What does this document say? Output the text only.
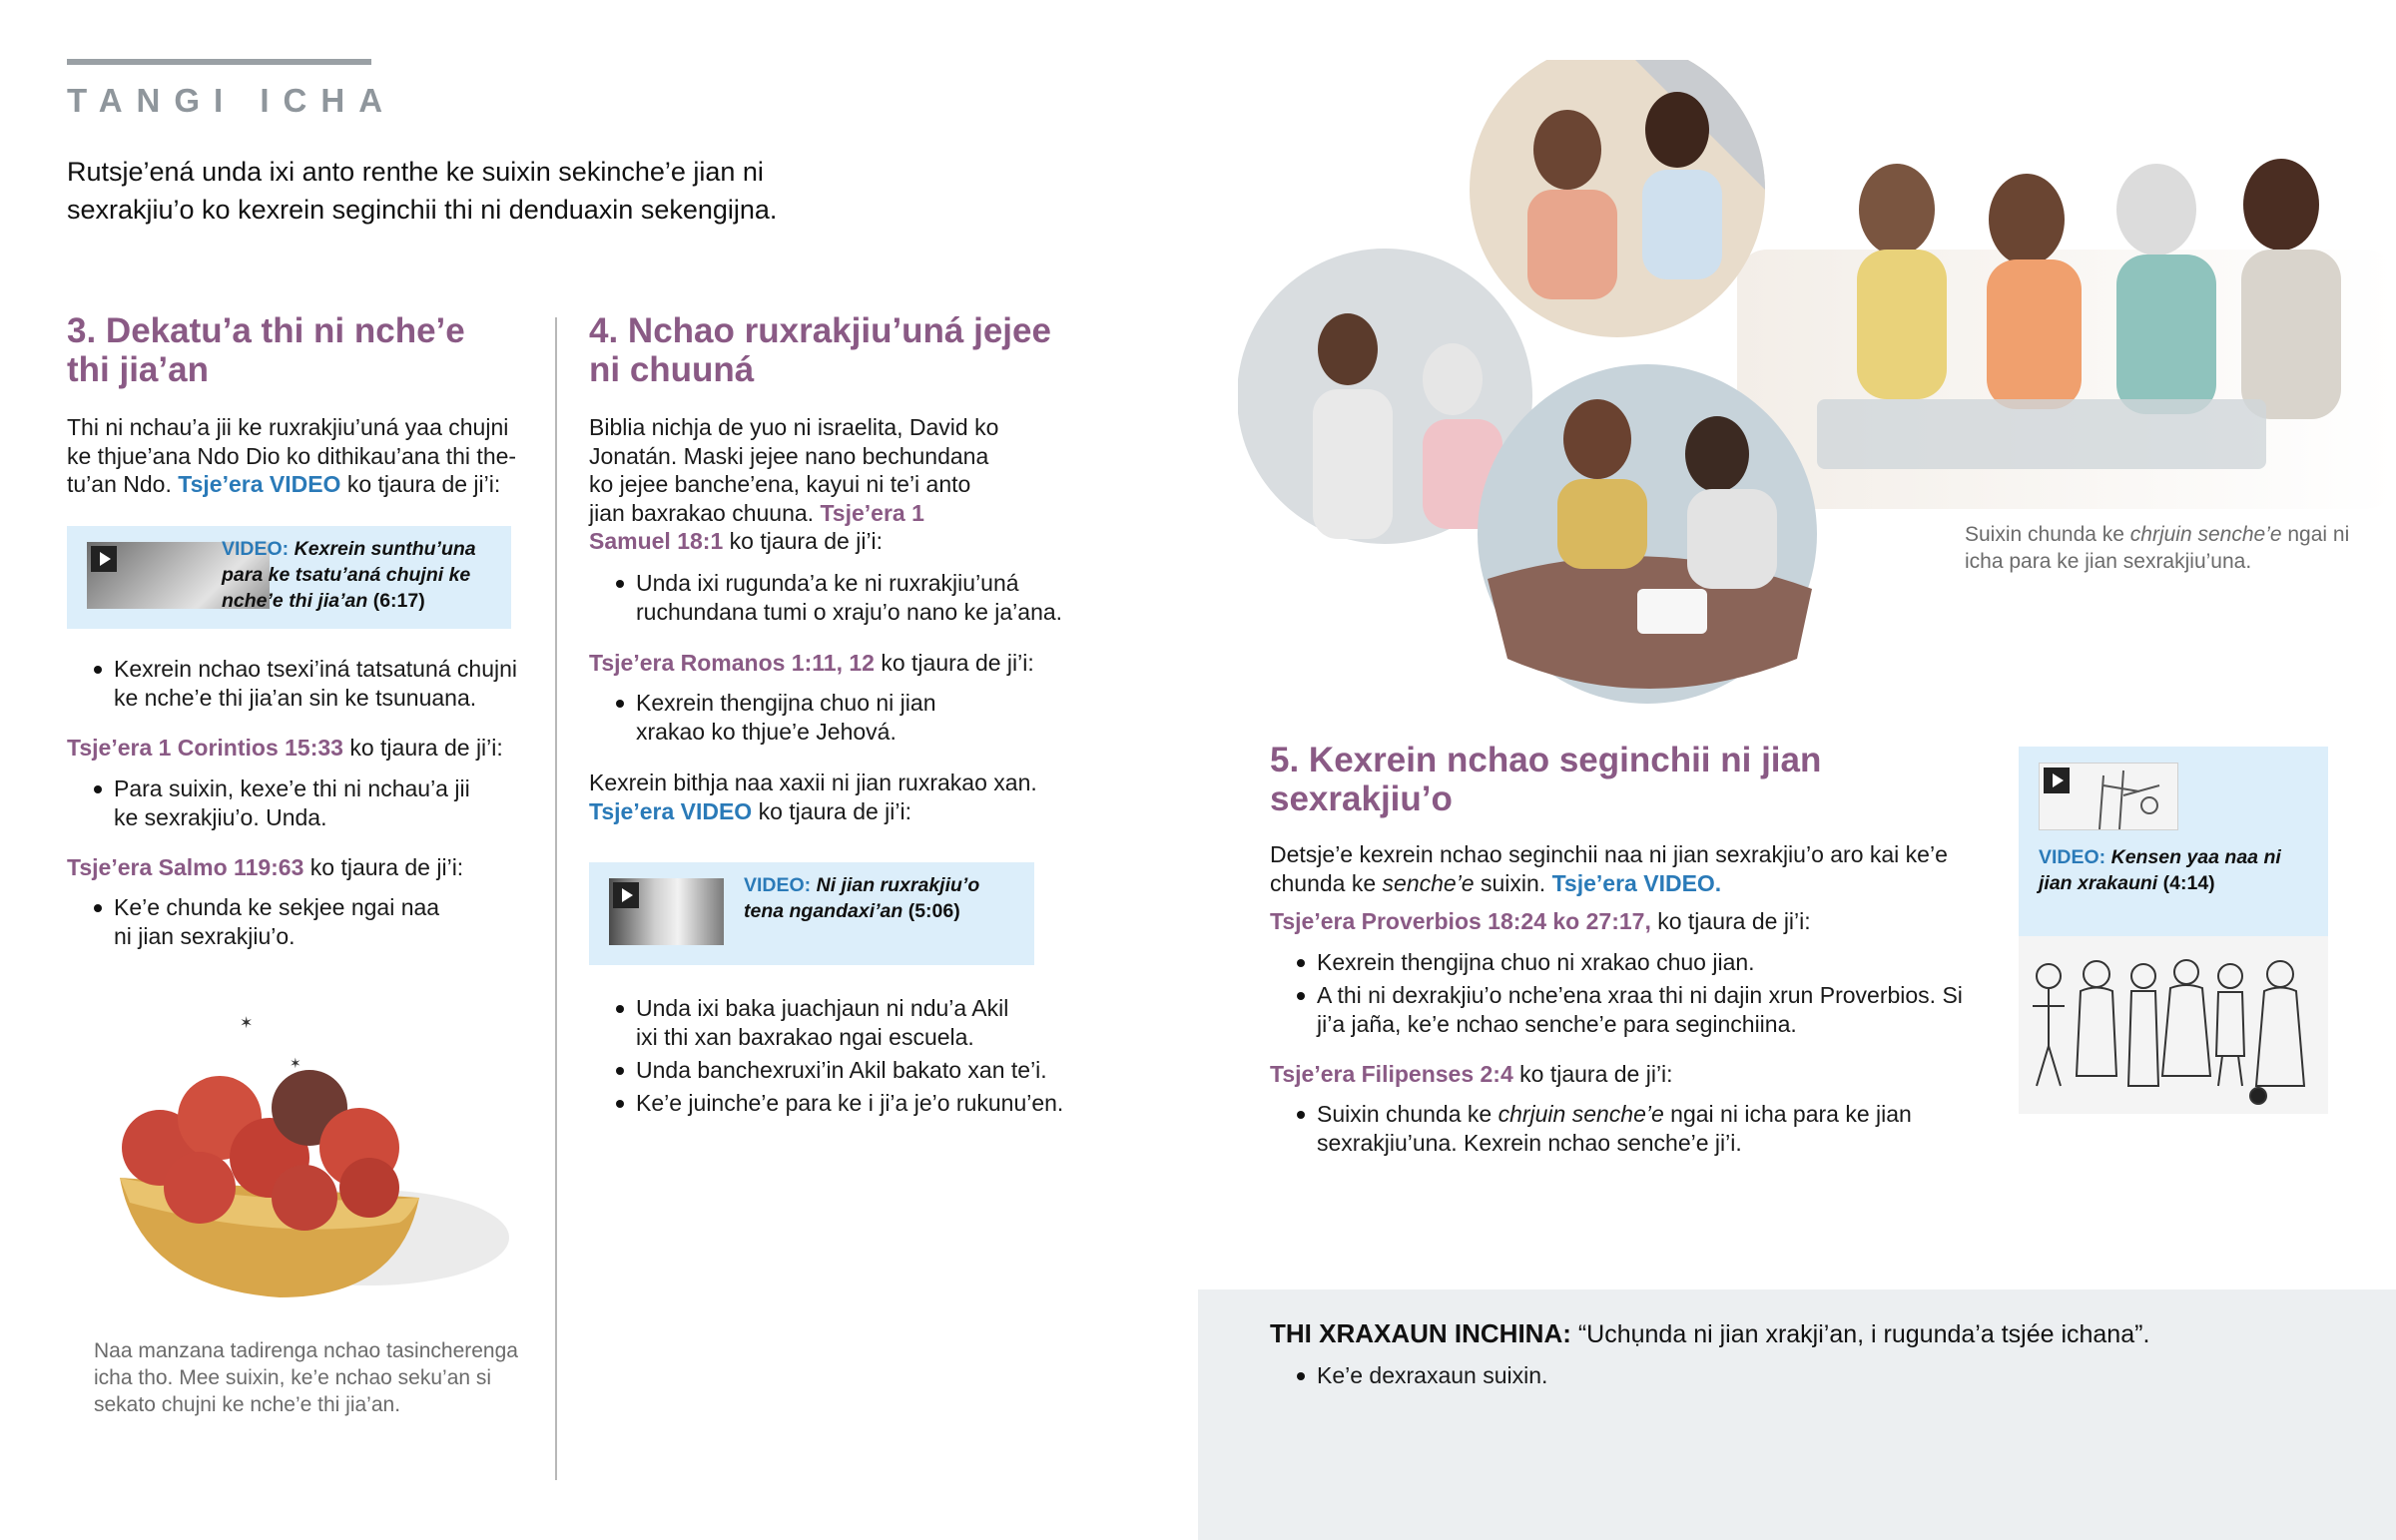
TANGI ICHA
Rutsje’ená unda ixi anto renthe ke suixin sekinche’e jian ni sexrakjiu’o ko kexrein seginchii thi ni denduaxin sekengijna.
3. Dekatu’a thi ni nche’e
thi jia’an

Thi ni nchau’a jii ke ruxrakjiu’uná yaa chujni ke thjue’ana Ndo Dio ko dithikau’ana thi the-tu’an Ndo. Tsje’era VIDEO ko tjaura de ji’i:

VIDEO: Kexrein sunthu’una para ke tsatu’aná chujni ke nche’e thi jia’an (6:17)
Kexrein nchao tsexi’iná tatsatuná chujni ke nche’e thi jia’an sin ke tsunuana.

Tsje’era 1 Corintios 15:33 ko tjaura de ji’i:

Para suixin, kexe’e thi ni nchau’a jii ke sexrakjiu’o. Unda.

Tsje’era Salmo 119:63 ko tjaura de ji’i:

Ke’e chunda ke sekjee ngai naa ni jian sexrakjiu’o.
✶
✶
Naa manzana tadirenga nchao tasincherenga icha tho. Mee suixin, ke’e nchao seku’an si sekato chujni ke nche’e thi jia’an.
4. Nchao ruxrakjiu’uná jejee
ni chuuná

Biblia nichja de yuo ni israelita, David ko Jonatán. Maski jejee nano bechundana ko jejee banche’ena, kayui ni te’i anto jian baxrakao chuuna. Tsje’era 1 Samuel 18:1 ko tjaura de ji’i:

Unda ixi rugunda’a ke ni ruxrakjiu’uná ruchundana tumi o xraju’o nano ke ja’ana.

Tsje’era Romanos 1:11, 12 ko tjaura de ji’i:

Kexrein thengijna chuo ni jian xrakao ko thjue’e Jehová.

Kexrein bithja naa xaxii ni jian ruxrakao xan. Tsje’era VIDEO ko tjaura de ji’i:

VIDEO: Ni jian ruxrakjiu’o tena ngandaxi’an (5:06)
Unda ixi baka juachjaun ni ndu’a Akil ixi thi xan baxrakao ngai escuela.
Unda banchexruxi’in Akil bakato xan te’i.
Ke’e juinche’e para ke i ji’a je’o rukunu’en.
Suixin chunda ke chrjuin senche’e ngai ni icha para ke jian sexrakjiu’una.
5. Kexrein nchao seginchii ni jian sexrakjiu’o

Detsje’e kexrein nchao seginchii naa ni jian sexrakjiu’o aro kai ke’e chunda ke senche’e suixin. Tsje’era VIDEO.

Tsje’era Proverbios 18:24 ko 27:17, ko tjaura de ji’i:

Kexrein thengijna chuo ni xrakao chuo jian.
A thi ni dexrakjiu’o nche’ena xraa thi ni dajin xrun Proverbios. Si ji’a jaña, ke’e nchao senche’e para seginchiina.

Tsje’era Filipenses 2:4 ko tjaura de ji’i:

Suixin chunda ke chrjuin senche’e ngai ni icha para ke jian sexrakjiu’una. Kexrein nchao senche’e ji’i.
VIDEO: Kensen yaa naa ni jian xrakauni (4:14)

THI XRAXAUN INCHINA: “Uchụnda ni jian xrakji’an, i rugunda’a tsjée ichana”.

Ke’e dexraxaun suixin.
